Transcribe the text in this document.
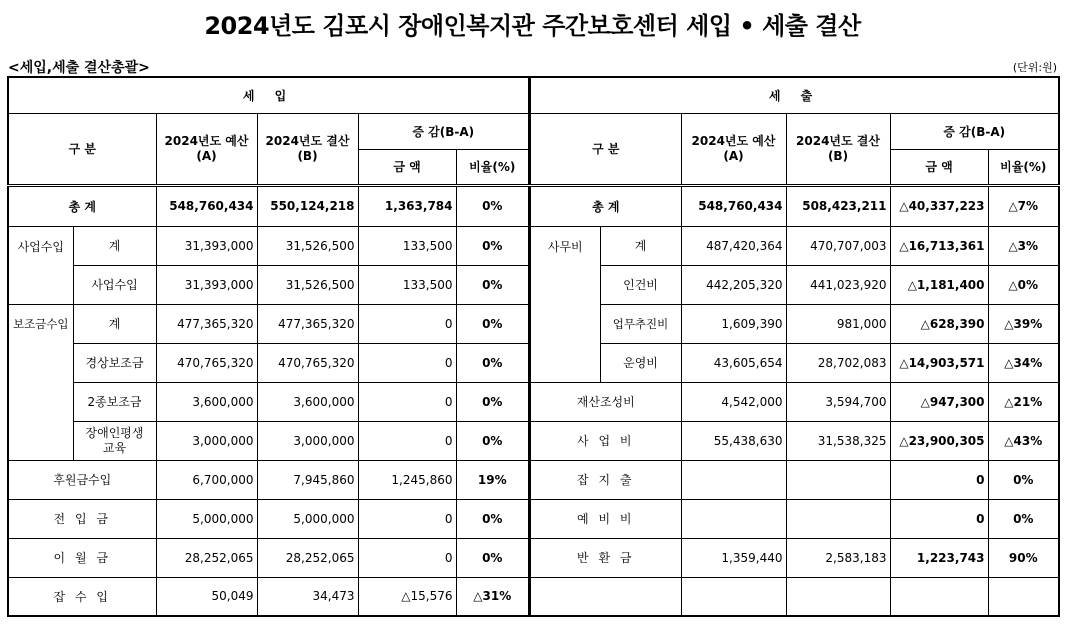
2024년도 김포시 장애인복지관 주간보호센터 세입 • 세출 결산
<세입,세출 결산총괄>	(단위:원)
세 입					
구 분		2024년도 예산 (A)	2024년도 결산 (B)	증 감(B-A)	
				금 액	비율(%)
총 계		548,760,434	550,124,218	1,363,784	0%
사업수입	계	31,393,000	31,526,500	133,500	0%
	사업수입	31,393,000	31,526,500	133,500	0%
보조금수입	계	477,365,320	477,365,320	0	0%
	경상보조금	470,765,320	470,765,320	0	0%
	2종보조금	3,600,000	3,600,000	0	0%
	장애인평생교육	3,000,000	3,000,000	0	0%
후원금수입		6,700,000	7,945,860	1,245,860	19%
전 입 금		5,000,000	5,000,000	0	0%
이 월 금		28,252,065	28,252,065	0	0%
잡 수 입		50,049	34,473	△15,576	△31%
세 출					
구 분		2024년도 예산 (A)	2024년도 결산 (B)	증 감(B-A)	
				금 액	비율(%)
총 계		548,760,434	508,423,211	△40,337,223	△7%
사무비	계	487,420,364	470,707,003	△16,713,361	△3%
	인건비	442,205,320	441,023,920	△1,181,400	△0%
	업무추진비	1,609,390	981,000	△628,390	△39%
	운영비	43,605,654	28,702,083	△14,903,571	△34%
재산조성비		4,542,000	3,594,700	△947,300	△21%
사 업 비		55,438,630	31,538,325	△23,900,305	△43%
잡 지 출				0	0%
예 비 비				0	0%
반 환 금		1,359,440	2,583,183	1,223,743	90%
